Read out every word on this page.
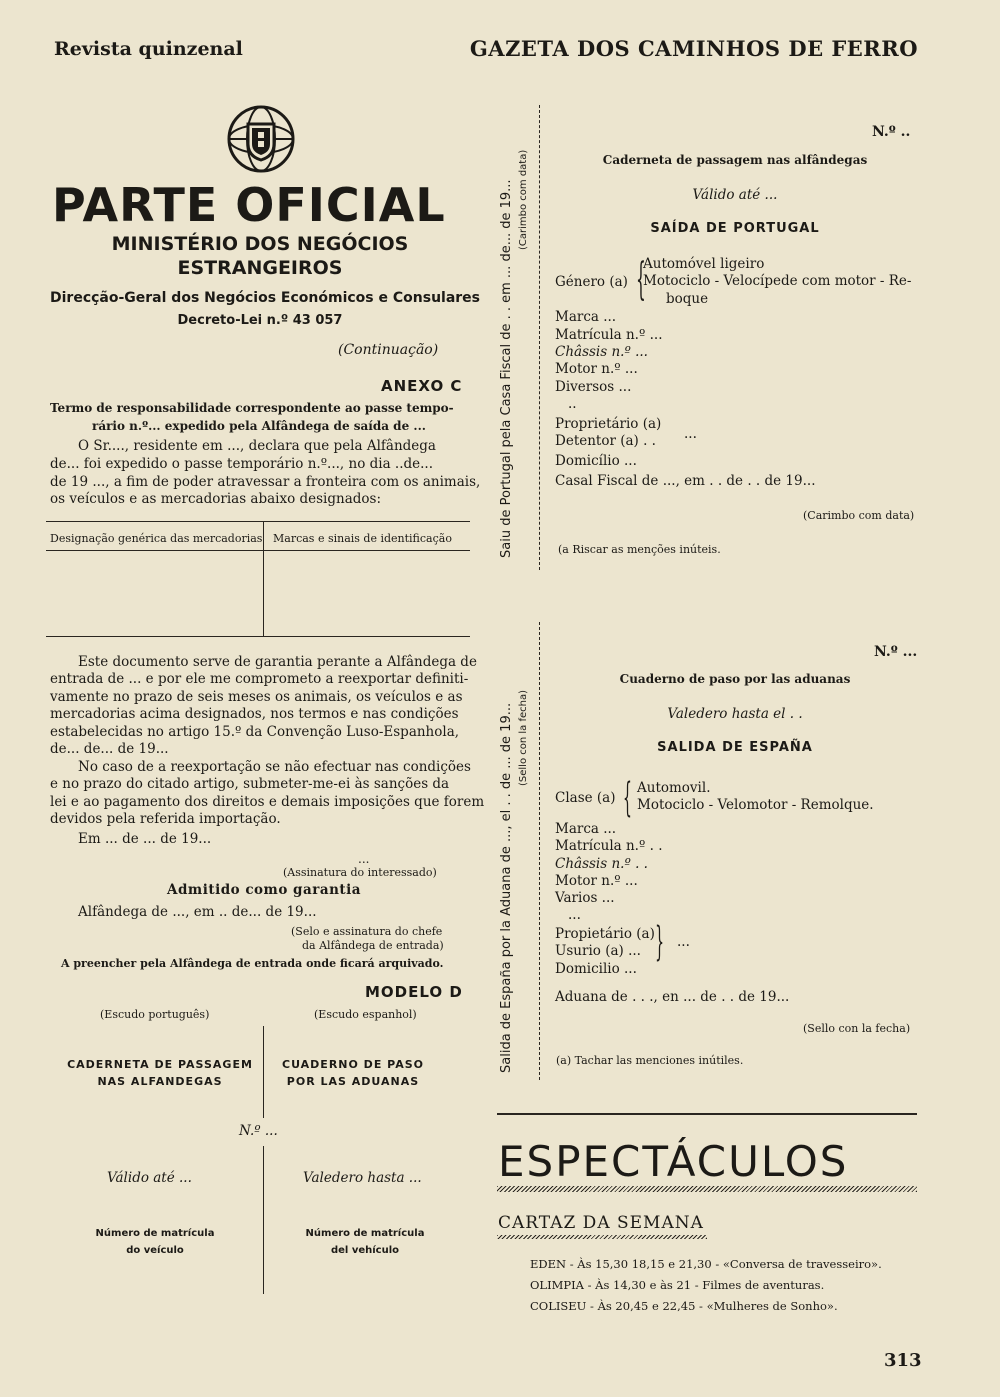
Revista quinzenal	GAZETA DOS CAMINHOS DE FERRO
PARTE OFICIAL
MINISTÉRIO DOS NEGÓCIOS
ESTRANGEIROS
Direcção-Geral dos Negócios Económicos e Consulares
Decreto-Lei n.º 43 057
(Continuação)
ANEXO C
Termo de responsabilidade correspondente ao passe tempo-
rário n.º... expedido pela Alfândega de saída de ...
O Sr...., residente em ..., declara que pela Alfândega
de... foi expedido o passe temporário n.º..., no dia ..de...
de 19 ..., a fim de poder atravessar a fronteira com os animais,
os veículos e as mercadorias abaixo designados:
Designação genérica das mercadorias Marcas e sinais de identificação
Este documento serve de garantia perante a Alfândega de
entrada de ... e por ele me comprometo a reexportar definiti-
vamente no prazo de seis meses os animais, os veículos e as
mercadorias acima designados, nos termos e nas condições
estabelecidas no artigo 15.º da Convenção Luso-Espanhola,
de... de... de 19...
No caso de a reexportação se não efectuar nas condições
e no prazo do citado artigo, submeter-me-ei às sanções da
lei e ao pagamento dos direitos e demais imposições que forem
devidos pela referida importação.
Em ... de ... de 19...
...
(Assinatura do interessado)
Admitido como garantia
Alfândega de ..., em .. de... de 19...
(Selo e assinatura do chefe
da Alfândega de entrada)
A preencher pela Alfândega de entrada onde ficará arquivado.
MODELO D
(Escudo português)	(Escudo espanhol)
CADERNETA DE PASSAGEM
NAS ALFANDEGAS
CUADERNO DE PASO
POR LAS ADUANAS
N.º ...
Válido até ...	Valedero hasta ...
Número de matrícula
do veículo
Número de matrícula
del vehículo
Saiu de Portugal pela Casa Fiscal de . . em ... de... de 19... (Carimbo com data)
N.º ..
Caderneta de passagem nas alfândegas
Válido até ...
SAÍDA DE PORTUGAL
Género (a) {
Automóvel ligeiro
Motociclo - Velocípede com motor - Re-
boque
Marca ...
Matrícula n.º ...
Châssis n.º ...
Motor n.º ...
Diversos ...
..
Proprietário (a)
Detentor (a) . . ...
Domicílio ...
Casal Fiscal de ..., em . . de . . de 19...
(Carimbo com data)
(a Riscar as menções inúteis.
Salida de España por la Aduana de ..., el . . de ... de 19... (Sello con la fecha)
N.º ...
Cuaderno de paso por las aduanas
Valedero hasta el . .
SALIDA DE ESPAÑA
Clase (a) { Automovil.
Motociclo - Velomotor - Remolque.
Marca ...
Matrícula n.º . .
Châssis n.º . .
Motor n.º ...
Varios ...
...
Propietário (a)
Usurio (a) ... { ...
Domicilio ...
Aduana de . . ., en ... de . . de 19...
(Sello con la fecha)
(a) Tachar las menciones inútiles.
ESPECTÁCULOS
CARTAZ DA SEMANA
EDEN - Às 15,30 18,15 e 21,30 - «Conversa de travesseiro».
OLIMPIA - Às 14,30 e às 21 - Filmes de aventuras.
COLISEU - Às 20,45 e 22,45 - «Mulheres de Sonho».
313
